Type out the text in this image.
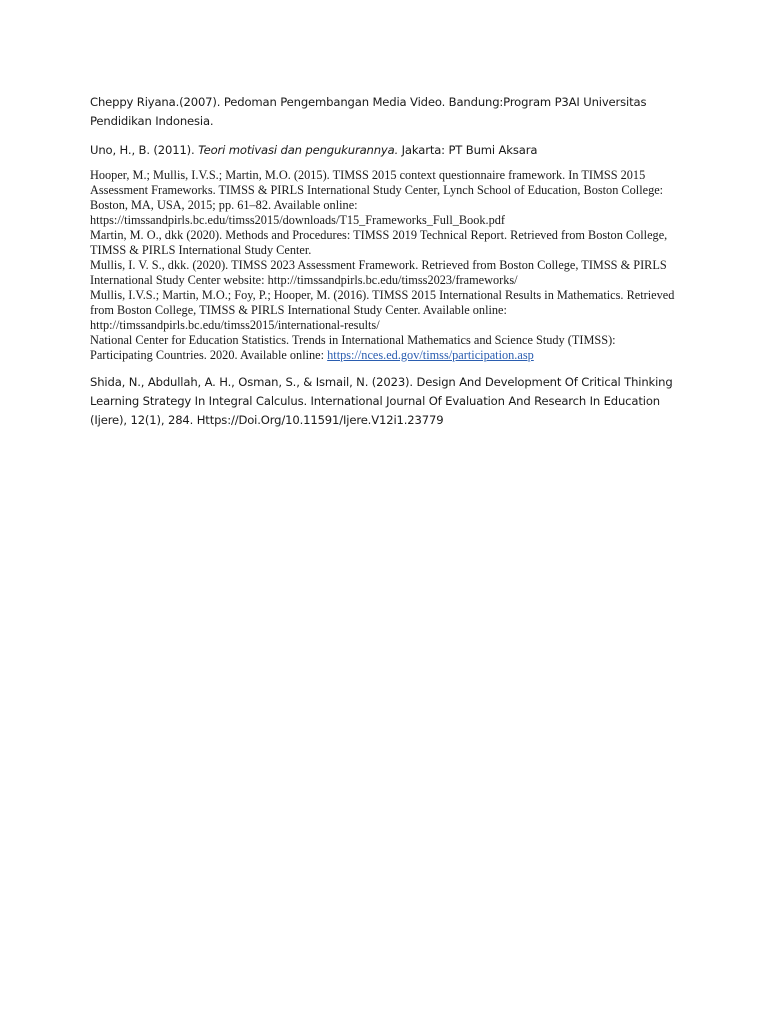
Cheppy Riyana.(2007). Pedoman Pengembangan Media Video. Bandung:Program P3AI Universitas Pendidikan Indonesia.

Uno, H., B. (2011). Teori motivasi dan pengukurannya. Jakarta: PT Bumi Aksara

Hooper, M.; Mullis, I.V.S.; Martin, M.O. (2015). TIMSS 2015 context questionnaire framework. In TIMSS 2015 Assessment Frameworks. TIMSS & PIRLS International Study Center, Lynch School of Education, Boston College: Boston, MA, USA, 2015; pp. 61–82. Available online: https://timssandpirls.bc.edu/timss2015/downloads/T15_Frameworks_Full_Book.pdf
Martin, M. O., dkk (2020). Methods and Procedures: TIMSS 2019 Technical Report. Retrieved from Boston College,
TIMSS & PIRLS International Study Center.
Mullis, I. V. S., dkk. (2020). TIMSS 2023 Assessment Framework. Retrieved from Boston College, TIMSS & PIRLS
International Study Center website: http://timssandpirls.bc.edu/timss2023/frameworks/
Mullis, I.V.S.; Martin, M.O.; Foy, P.; Hooper, M. (2016). TIMSS 2015 International Results in Mathematics. Retrieved
from Boston College, TIMSS & PIRLS International Study Center. Available online: http://timssandpirls.bc.edu/timss2015/international-results/
National Center for Education Statistics. Trends in International Mathematics and Science Study (TIMSS): Participating Countries. 2020. Available online: https://nces.ed.gov/timss/participation.asp

Shida, N., Abdullah, A. H., Osman, S., & Ismail, N. (2023). Design And Development Of Critical Thinking Learning Strategy In Integral Calculus. International Journal Of Evaluation And Research In Education (Ijere), 12(1), 284. Https://Doi.Org/10.11591/Ijere.V12i1.23779
